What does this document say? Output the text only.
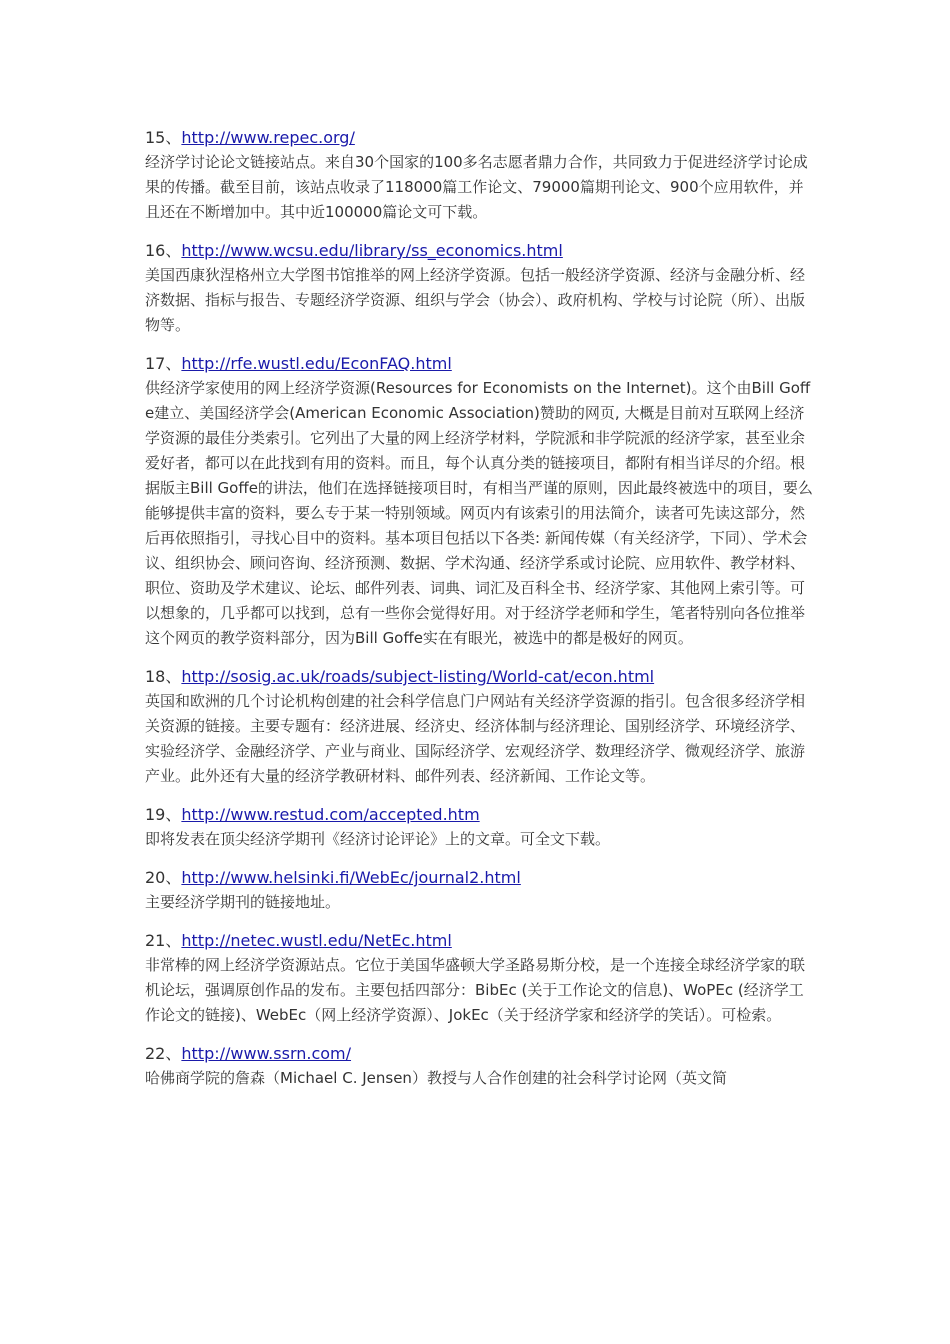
15、http://www.repec.org/
经济学讨论论文链接站点。来自30个国家的100多名志愿者鼎力合作，共同致力于促进经济学讨论成果的传播。截至目前，该站点收录了118000篇工作论文、79000篇期刊论文、900个应用软件，并且还在不断增加中。其中近100000篇论文可下载。
16、http://www.wcsu.edu/library/ss_economics.html
美国西康狄涅格州立大学图书馆推举的网上经济学资源。包括一般经济学资源、经济与金融分析、经济数据、指标与报告、专题经济学资源、组织与学会（协会）、政府机构、学校与讨论院（所）、出版物等。
17、http://rfe.wustl.edu/EconFAQ.html
供经济学家使用的网上经济学资源(Resources for Economists on the Internet)。这个由Bill Goffe建立、美国经济学会(American Economic Association)赞助的网页, 大概是目前对互联网上经济学资源的最佳分类索引。它列出了大量的网上经济学材料，学院派和非学院派的经济学家，甚至业余爱好者，都可以在此找到有用的资料。而且，每个认真分类的链接项目，都附有相当详尽的介绍。根据版主Bill Goffe的讲法，他们在选择链接项目时，有相当严谨的原则，因此最终被选中的项目，要么能够提供丰富的资料，要么专于某一特别领域。网页内有该索引的用法简介，读者可先读这部分，然后再依照指引，寻找心目中的资料。基本项目包括以下各类: 新闻传媒（有关经济学，下同）、学术会议、组织协会、顾问咨询、经济预测、数据、学术沟通、经济学系或讨论院、应用软件、教学材料、职位、资助及学术建议、论坛、邮件列表、词典、词汇及百科全书、经济学家、其他网上索引等。可以想象的，几乎都可以找到，总有一些你会觉得好用。对于经济学老师和学生，笔者特别向各位推举这个网页的教学资料部分，因为Bill Goffe实在有眼光，被选中的都是极好的网页。
18、http://sosig.ac.uk/roads/subject-listing/World-cat/econ.html
英国和欧洲的几个讨论机构创建的社会科学信息门户网站有关经济学资源的指引。包含很多经济学相关资源的链接。主要专题有：经济进展、经济史、经济体制与经济理论、国别经济学、环境经济学、实验经济学、金融经济学、产业与商业、国际经济学、宏观经济学、数理经济学、微观经济学、旅游产业。此外还有大量的经济学教研材料、邮件列表、经济新闻、工作论文等。
19、http://www.restud.com/accepted.htm
即将发表在顶尖经济学期刊《经济讨论评论》上的文章。可全文下载。
20、http://www.helsinki.fi/WebEc/journal2.html
主要经济学期刊的链接地址。
21、http://netec.wustl.edu/NetEc.html
非常棒的网上经济学资源站点。它位于美国华盛顿大学圣路易斯分校，是一个连接全球经济学家的联机论坛，强调原创作品的发布。主要包括四部分：BibEc (关于工作论文的信息)、WoPEc (经济学工作论文的链接)、WebEc（网上经济学资源）、JokEc（关于经济学家和经济学的笑话）。可检索。
22、http://www.ssrn.com/
哈佛商学院的詹森（Michael C. Jensen）教授与人合作创建的社会科学讨论网（英文简
